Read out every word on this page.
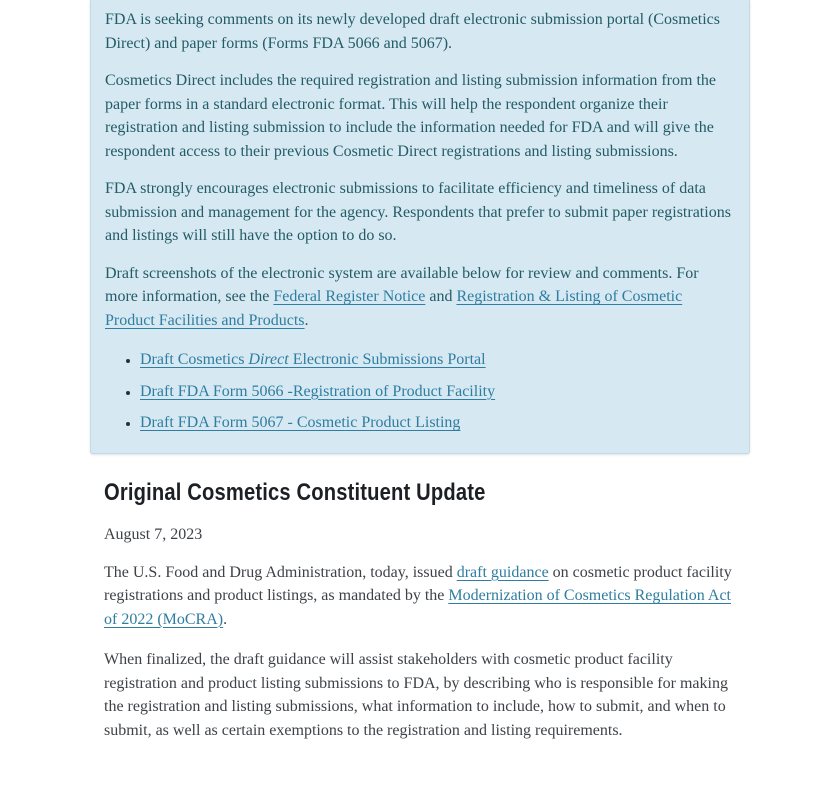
FDA is seeking comments on its newly developed draft electronic submission portal (Cosmetics Direct) and paper forms (Forms FDA 5066 and 5067).

Cosmetics Direct includes the required registration and listing submission information from the paper forms in a standard electronic format. This will help the respondent organize their registration and listing submission to include the information needed for FDA and will give the respondent access to their previous Cosmetic Direct registrations and listing submissions.

FDA strongly encourages electronic submissions to facilitate efficiency and timeliness of data submission and management for the agency. Respondents that prefer to submit paper registrations and listings will still have the option to do so.

Draft screenshots of the electronic system are available below for review and comments. For more information, see the Federal Register Notice and Registration & Listing of Cosmetic Product Facilities and Products.

• Draft Cosmetics Direct Electronic Submissions Portal
• Draft FDA Form 5066 -Registration of Product Facility
• Draft FDA Form 5067 - Cosmetic Product Listing
Original Cosmetics Constituent Update
August 7, 2023

The U.S. Food and Drug Administration, today, issued draft guidance on cosmetic product facility registrations and product listings, as mandated by the Modernization of Cosmetics Regulation Act of 2022 (MoCRA).

When finalized, the draft guidance will assist stakeholders with cosmetic product facility registration and product listing submissions to FDA, by describing who is responsible for making the registration and listing submissions, what information to include, how to submit, and when to submit, as well as certain exemptions to the registration and listing requirements.
